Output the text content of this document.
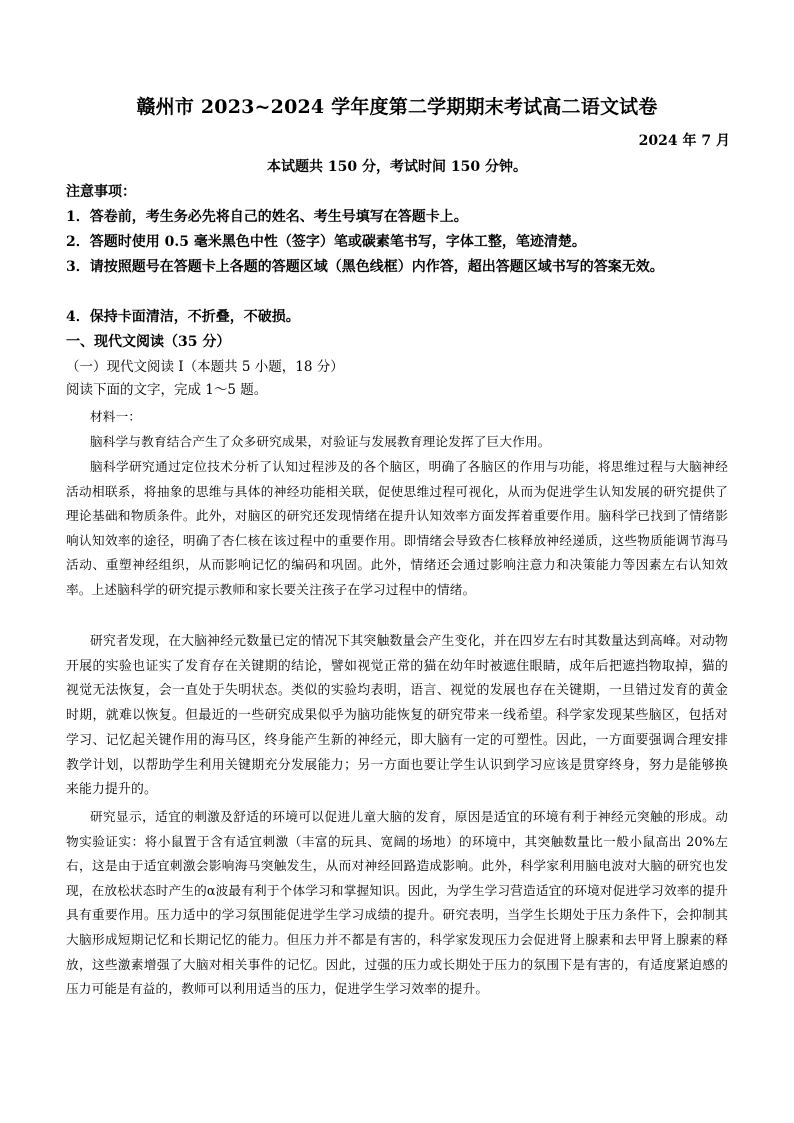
赣州市 2023~2024 学年度第二学期期末考试高二语文试卷
2024 年 7 月
本试题共 150 分，考试时间 150 分钟。
注意事项：
1．答卷前，考生务必先将自己的姓名、考生号填写在答题卡上。
2．答题时使用 0.5 毫米黑色中性（签字）笔或碳素笔书写，字体工整，笔迹清楚。
3．请按照题号在答题卡上各题的答题区域（黑色线框）内作答，超出答题区域书写的答案无效。
4．保持卡面清洁，不折叠，不破损。
一、现代文阅读（35 分）
（一）现代文阅读 I（本题共 5 小题，18 分）
阅读下面的文字，完成 1～5 题。
材料一：
脑科学与教育结合产生了众多研究成果，对验证与发展教育理论发挥了巨大作用。
脑科学研究通过定位技术分析了认知过程涉及的各个脑区，明确了各脑区的作用与功能，将思维过程与大脑神经活动相联系，将抽象的思维与具体的神经功能相关联，促使思维过程可视化，从而为促进学生认知发展的研究提供了理论基础和物质条件。此外，对脑区的研究还发现情绪在提升认知效率方面发挥着重要作用。脑科学已找到了情绪影响认知效率的途径，明确了杏仁核在该过程中的重要作用。即情绪会导致杏仁核释放神经递质，这些物质能调节海马活动、重塑神经组织，从而影响记忆的编码和巩固。此外，情绪还会通过影响注意力和决策能力等因素左右认知效率。上述脑科学的研究提示教师和家长要关注孩子在学习过程中的情绪。
研究者发现，在大脑神经元数量已定的情况下其突触数量会产生变化，并在四岁左右时其数量达到高峰。对动物开展的实验也证实了发育存在关键期的结论，譬如视觉正常的猫在幼年时被遮住眼睛，成年后把遮挡物取掉，猫的视觉无法恢复，会一直处于失明状态。类似的实验均表明，语言、视觉的发展也存在关键期，一旦错过发育的黄金时期，就难以恢复。但最近的一些研究成果似乎为脑功能恢复的研究带来一线希望。科学家发现某些脑区，包括对学习、记忆起关键作用的海马区，终身能产生新的神经元，即大脑有一定的可塑性。因此，一方面要强调合理安排教学计划，以帮助学生利用关键期充分发展能力；另一方面也要让学生认识到学习应该是贯穿终身，努力是能够换来能力提升的。
研究显示，适宜的刺激及舒适的环境可以促进儿童大脑的发育，原因是适宜的环境有利于神经元突触的形成。动物实验证实：将小鼠置于含有适宜刺激（丰富的玩具、宽阔的场地）的环境中，其突触数量比一般小鼠高出 20%左右，这是由于适宜刺激会影响海马突触发生，从而对神经回路造成影响。此外，科学家利用脑电波对大脑的研究也发现，在放松状态时产生的α波最有利于个体学习和掌握知识。因此，为学生学习营造适宜的环境对促进学习效率的提升具有重要作用。压力适中的学习氛围能促进学生学习成绩的提升。研究表明，当学生长期处于压力条件下，会抑制其大脑形成短期记忆和长期记忆的能力。但压力并不都是有害的，科学家发现压力会促进肾上腺素和去甲肾上腺素的释放，这些激素增强了大脑对相关事件的记忆。因此，过强的压力或长期处于压力的氛围下是有害的，有适度紧迫感的压力可能是有益的，教师可以利用适当的压力，促进学生学习效率的提升。
